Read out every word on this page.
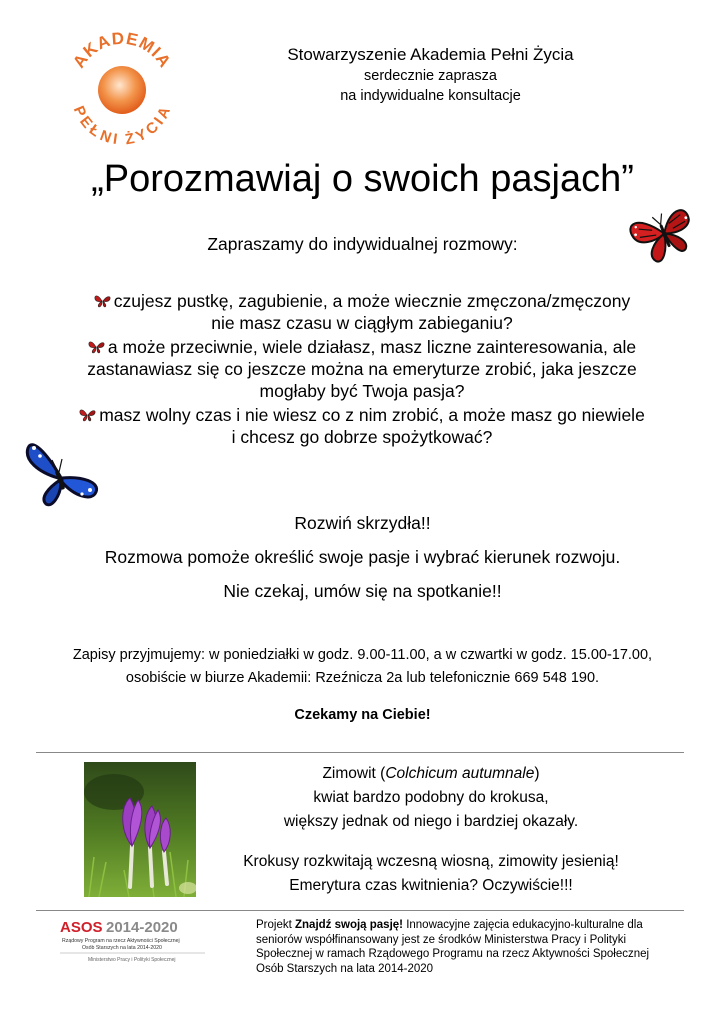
AKADEMIA
PEŁNI ŻYCIA
Stowarzyszenie Akademia Pełni Życia
serdecznie zaprasza
na indywidualne konsultacje
„Porozmawiaj o swoich pasjach”
Zapraszamy do indywidualnej rozmowy:
czujesz pustkę, zagubienie, a może wiecznie zmęczona/zmęczony
nie masz czasu w ciągłym zabieganiu?
a może przeciwnie, wiele działasz, masz liczne zainteresowania, ale
zastanawiasz się co jeszcze można na emeryturze zrobić, jaka jeszcze
mogłaby być Twoja pasja?
masz wolny czas i nie wiesz co z nim zrobić, a może masz go niewiele
i chcesz go dobrze spożytkować?
Rozwiń skrzydła!!
Rozmowa pomoże określić swoje pasje i wybrać kierunek rozwoju.
Nie czekaj, umów się na spotkanie!!
Zapisy przyjmujemy: w poniedziałki w godz. 9.00-11.00, a w czwartki w godz. 15.00-17.00,
osobiście w biurze Akademii: Rzeźnicza 2a lub telefonicznie 669 548 190.
Czekamy na Ciebie!
Zimowit (Colchicum autumnale)
kwiat bardzo podobny do krokusa,
większy jednak od niego i bardziej okazały.
Krokusy rozkwitają wczesną wiosną, zimowity jesienią!
Emerytura czas kwitnienia? Oczywiście!!!
ASOS 2014-2020
Rządowy Program na rzecz Aktywności Społecznej
Osób Starszych na lata 2014-2020
Ministerstwo Pracy i Polityki Społecznej
Projekt Znajdź swoją pasję! Innowacyjne zajęcia edukacyjno-kulturalne dla seniorów współfinansowany jest ze środków Ministerstwa Pracy i Polityki Społecznej w ramach Rządowego Programu na rzecz Aktywności Społecznej Osób Starszych na lata 2014-2020
